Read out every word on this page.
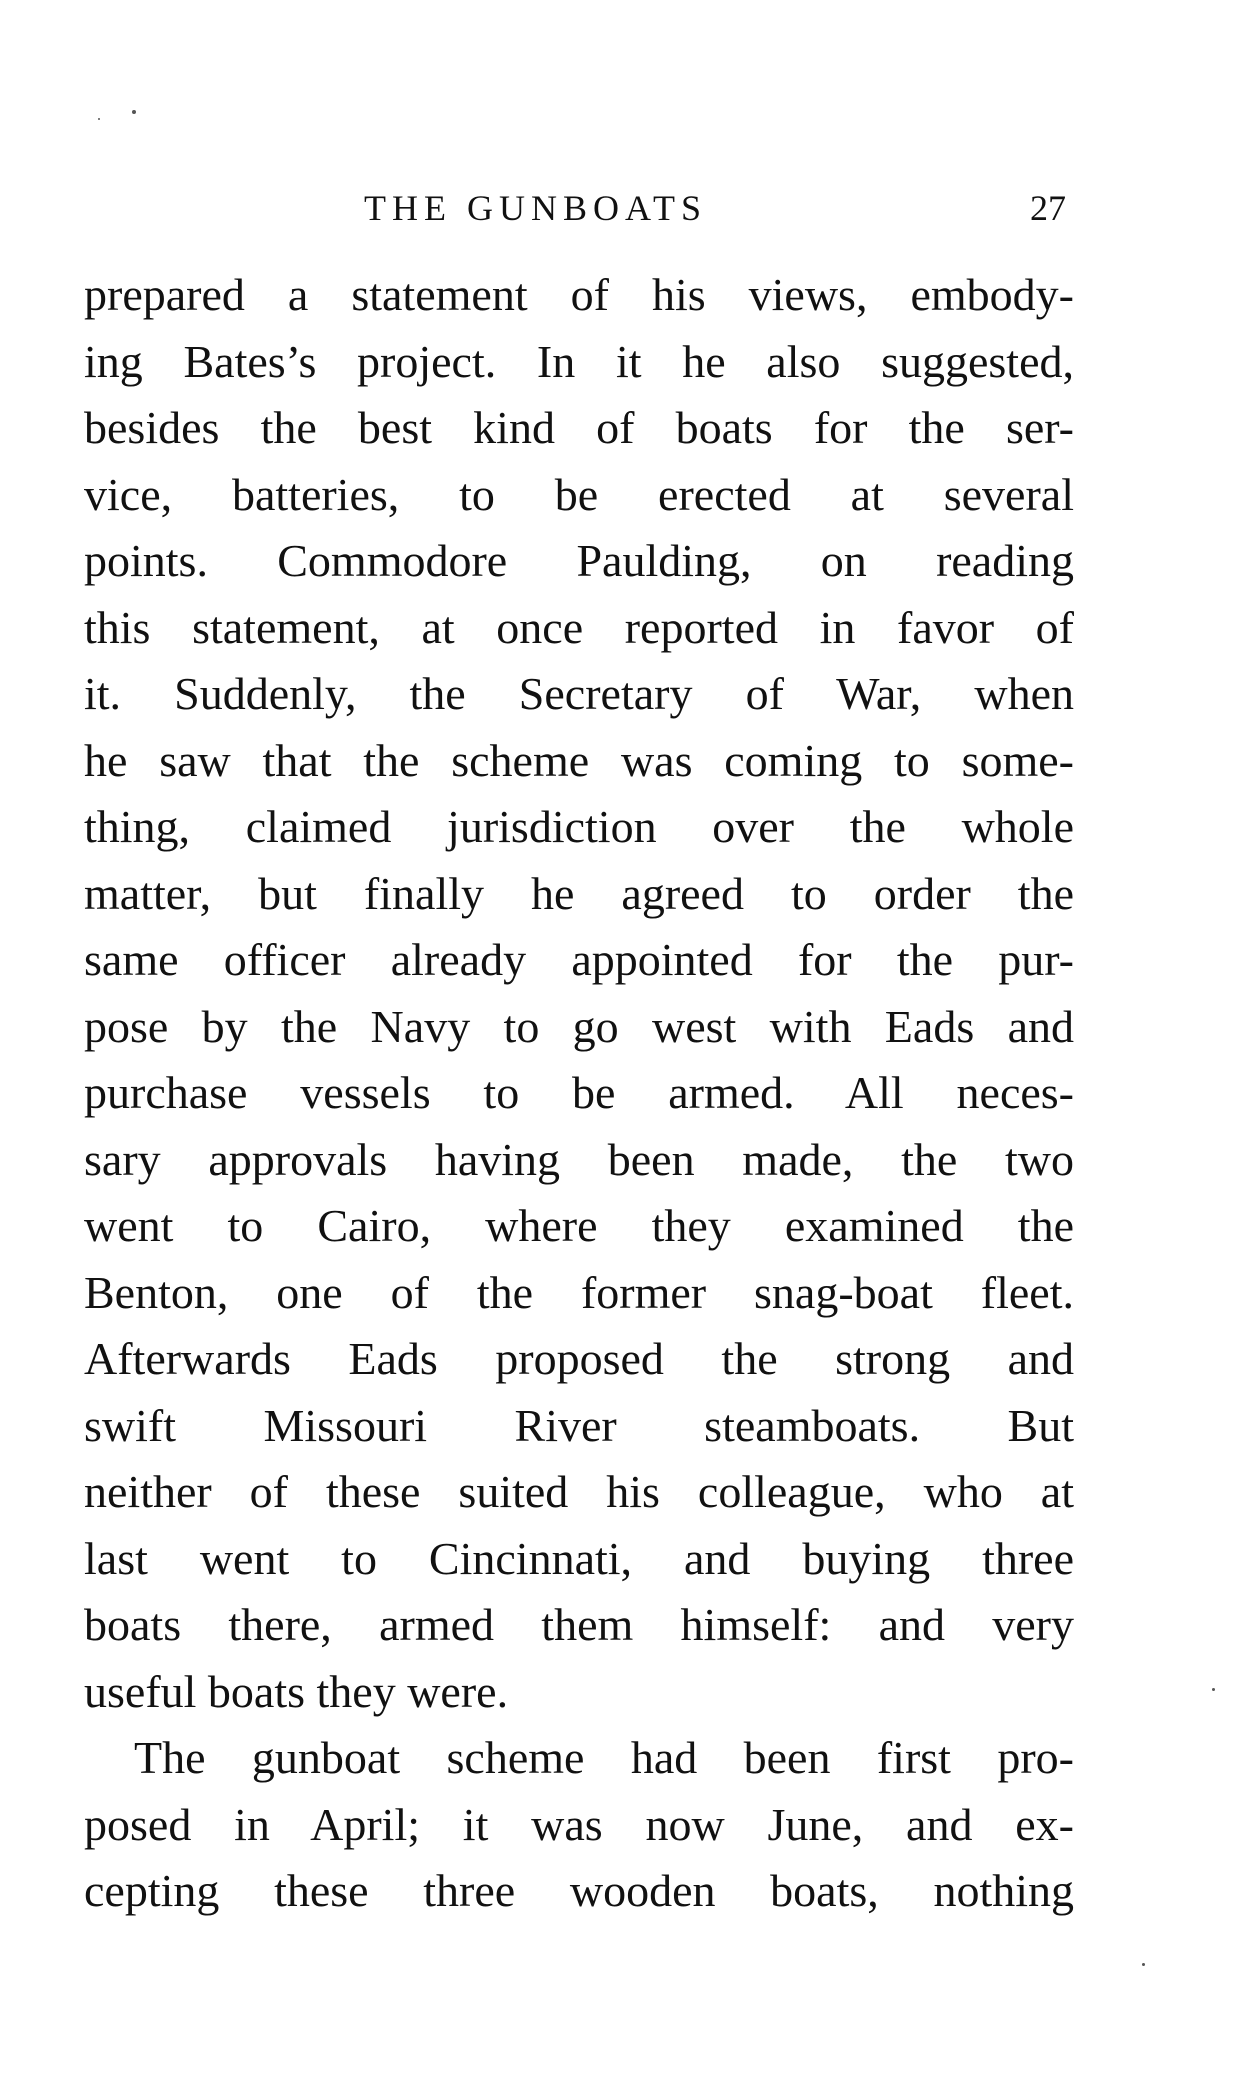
THE GUNBOATS	27
prepared a statement of his views, embody-
ing Bates’s project. In it he also suggested,
besides the best kind of boats for the ser-
vice, batteries, to be erected at several
points. Commodore Paulding, on reading
this statement, at once reported in favor of
it. Suddenly, the Secretary of War, when
he saw that the scheme was coming to some-
thing, claimed jurisdiction over the whole
matter, but finally he agreed to order the
same officer already appointed for the pur-
pose by the Navy to go west with Eads and
purchase vessels to be armed. All neces-
sary approvals having been made, the two
went to Cairo, where they examined the
Benton, one of the former snag-boat fleet.
Afterwards Eads proposed the strong and
swift Missouri River steamboats. But
neither of these suited his colleague, who at
last went to Cincinnati, and buying three
boats there, armed them himself: and very
useful boats they were.
The gunboat scheme had been first pro-
posed in April; it was now June, and ex-
cepting these three wooden boats, nothing
